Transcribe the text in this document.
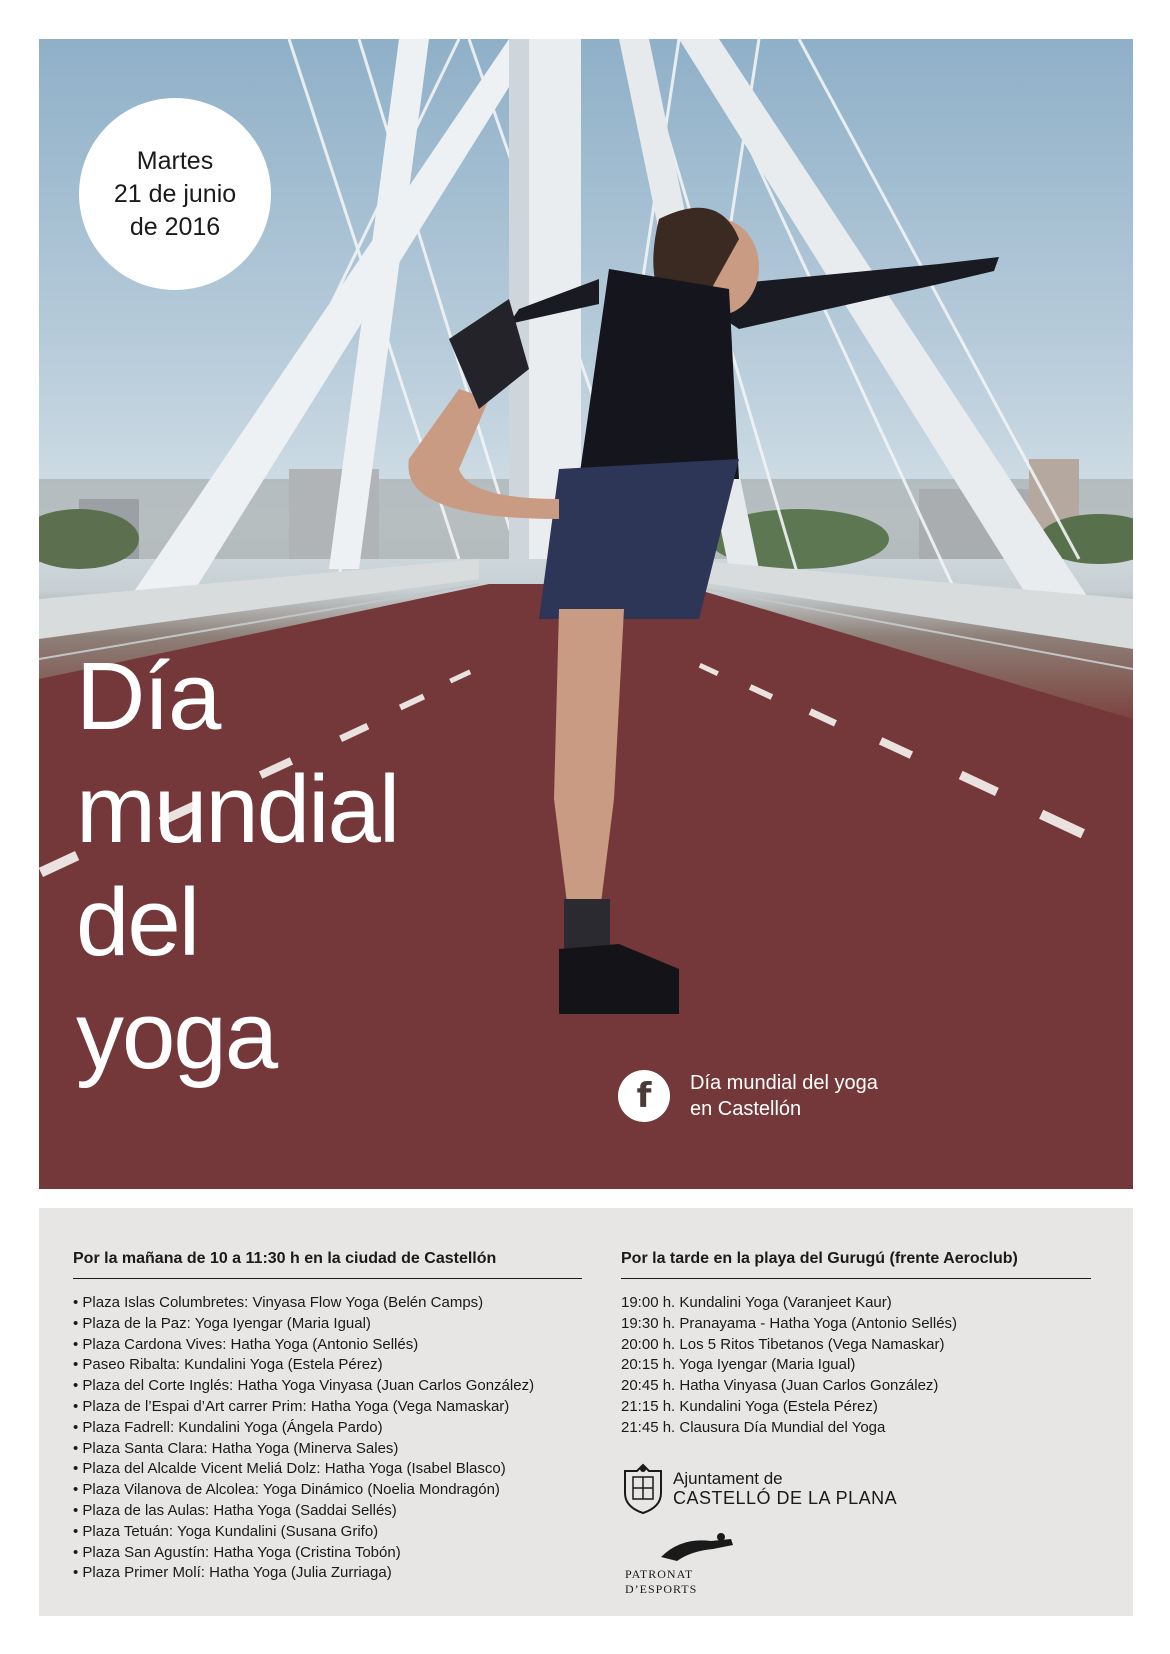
Martes
21 de junio
de 2016
Día
mundial
del
yoga
f Día mundial del yoga
en Castellón
Por la mañana de 10 a 11:30 h en la ciudad de Castellón
• Plaza Islas Columbretes: Vinyasa Flow Yoga (Belén Camps)
• Plaza de la Paz: Yoga Iyengar (Maria Igual)
• Plaza Cardona Vives: Hatha Yoga (Antonio Sellés)
• Paseo Ribalta: Kundalini Yoga (Estela Pérez)
• Plaza del Corte Inglés: Hatha Yoga Vinyasa (Juan Carlos González)
• Plaza de l’Espai d’Art carrer Prim: Hatha Yoga (Vega Namaskar)
• Plaza Fadrell: Kundalini Yoga (Ángela Pardo)
• Plaza Santa Clara: Hatha Yoga (Minerva Sales)
• Plaza del Alcalde Vicent Meliá Dolz: Hatha Yoga (Isabel Blasco)
• Plaza Vilanova de Alcolea: Yoga Dinámico (Noelia Mondragón)
• Plaza de las Aulas: Hatha Yoga (Saddai Sellés)
• Plaza Tetuán: Yoga Kundalini (Susana Grifo)
• Plaza San Agustín: Hatha Yoga (Cristina Tobón)
• Plaza Primer Molí: Hatha Yoga (Julia Zurriaga)
Por la tarde en la playa del Gurugú (frente Aeroclub)
19:00 h. Kundalini Yoga (Varanjeet Kaur)
19:30 h. Pranayama - Hatha Yoga (Antonio Sellés)
20:00 h. Los 5 Ritos Tibetanos (Vega Namaskar)
20:15 h. Yoga Iyengar (Maria Igual)
20:45 h. Hatha Vinyasa (Juan Carlos González)
21:15 h. Kundalini Yoga (Estela Pérez)
21:45 h. Clausura Día Mundial del Yoga
Ajuntament de
CASTELLÓ DE LA PLANA
PATRONAT D’ESPORTS
